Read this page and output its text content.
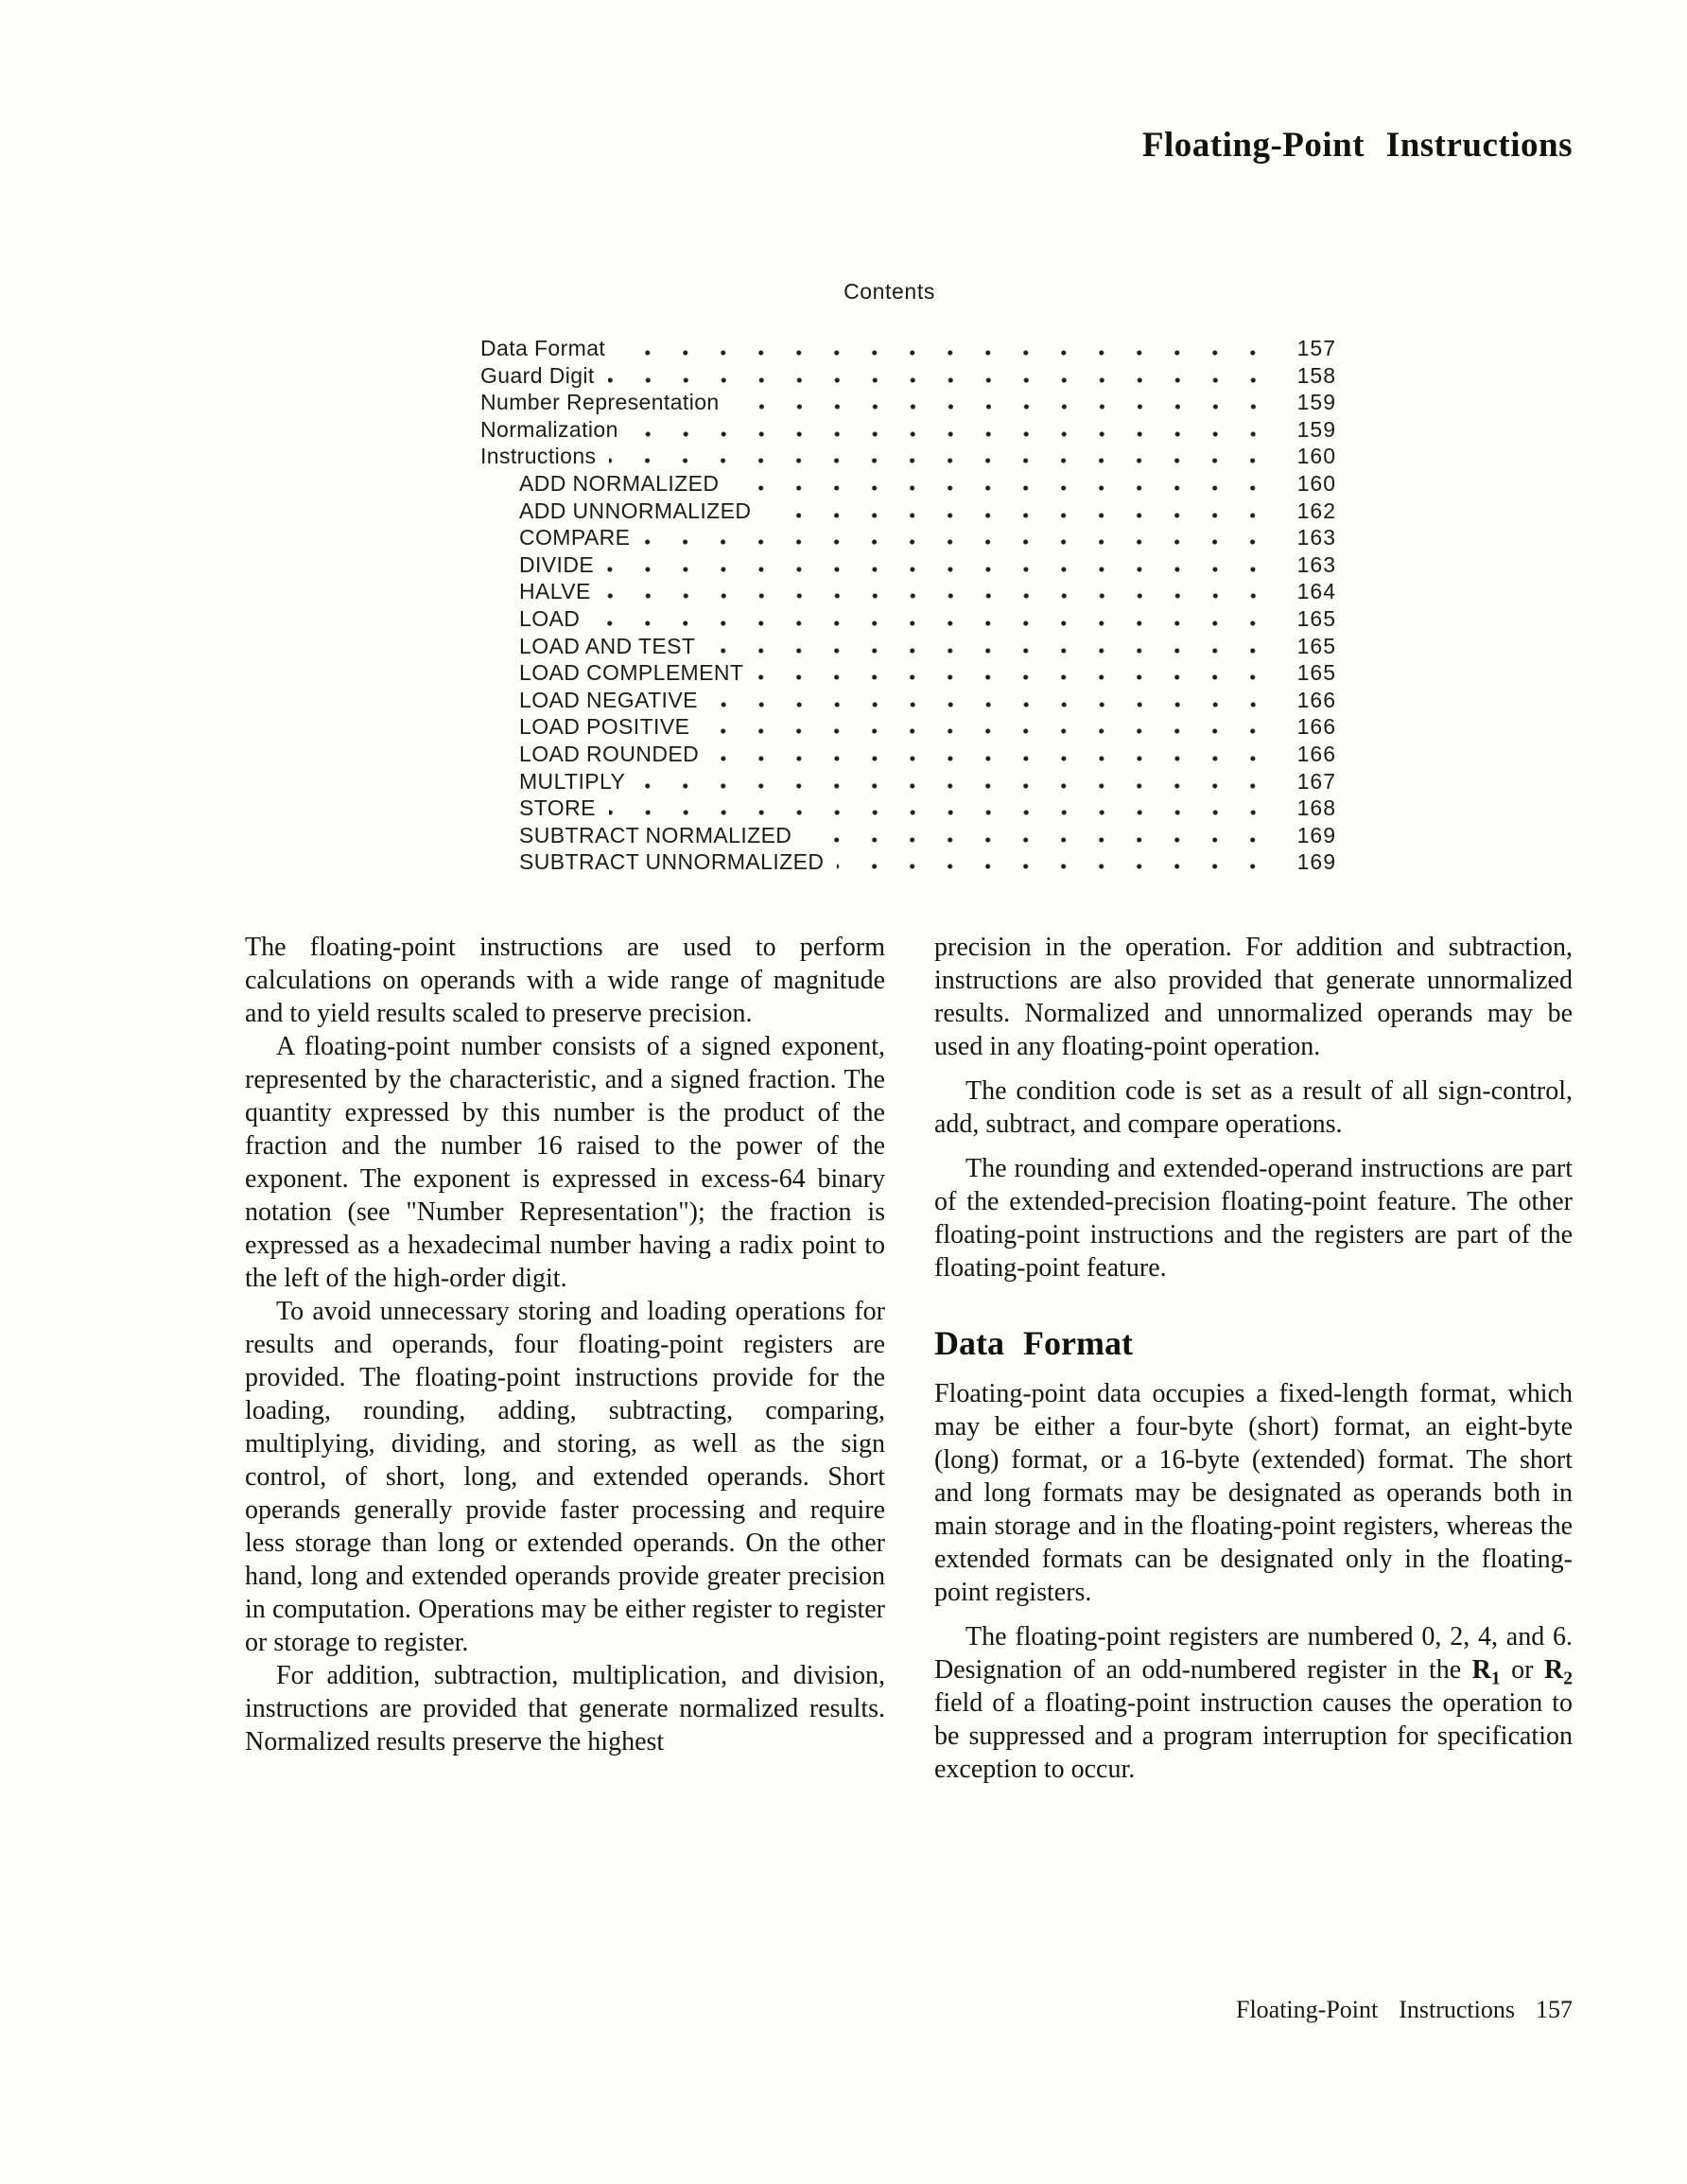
Floating-Point Instructions
Contents
Data Format	157
Guard Digit	158
Number Representation	159
Normalization	159
Instructions	160
ADD NORMALIZED	160
ADD UNNORMALIZED	162
COMPARE	163
DIVIDE	163
HALVE	164
LOAD	165
LOAD AND TEST	165
LOAD COMPLEMENT	165
LOAD NEGATIVE	166
LOAD POSITIVE	166
LOAD ROUNDED	166
MULTIPLY	167
STORE	168
SUBTRACT NORMALIZED	169
SUBTRACT UNNORMALIZED	169

The floating-point instructions are used to perform calculations on operands with a wide range of magnitude and to yield results scaled to preserve precision.

A floating-point number consists of a signed exponent, represented by the characteristic, and a signed fraction. The quantity expressed by this number is the product of the fraction and the number 16 raised to the power of the exponent. The exponent is expressed in excess-64 binary notation (see "Number Representation"); the fraction is expressed as a hexadecimal number having a radix point to the left of the high-order digit.

To avoid unnecessary storing and loading operations for results and operands, four floating-point registers are provided. The floating-point instructions provide for the loading, rounding, adding, subtracting, comparing, multiplying, dividing, and storing, as well as the sign control, of short, long, and extended operands. Short operands generally provide faster processing and require less storage than long or extended operands. On the other hand, long and extended operands provide greater precision in computation. Operations may be either register to register or storage to register.

For addition, subtraction, multiplication, and division, instructions are provided that generate normalized results. Normalized results preserve the highest

precision in the operation. For addition and subtraction, instructions are also provided that generate unnormalized results. Normalized and unnormalized operands may be used in any floating-point operation.

The condition code is set as a result of all sign-control, add, subtract, and compare operations.

The rounding and extended-operand instructions are part of the extended-precision floating-point feature. The other floating-point instructions and the registers are part of the floating-point feature.

Data Format

Floating-point data occupies a fixed-length format, which may be either a four-byte (short) format, an eight-byte (long) format, or a 16-byte (extended) format. The short and long formats may be designated as operands both in main storage and in the floating-point registers, whereas the extended formats can be designated only in the floating-point registers.

The floating-point registers are numbered 0, 2, 4, and 6. Designation of an odd-numbered register in the $R_1$ or $R_2$ field of a floating-point instruction causes the operation to be suppressed and a program interruption for specification exception to occur.

Floating-Point Instructions 157
